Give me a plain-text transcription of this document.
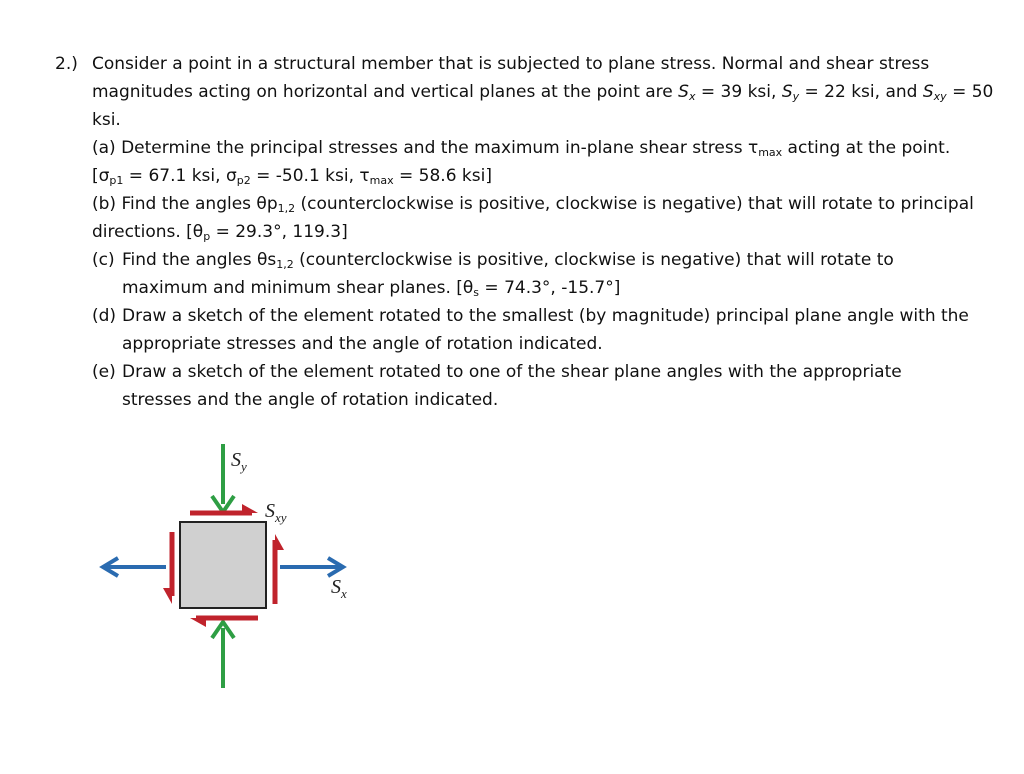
2.) Consider a point in a structural member that is subjected to plane stress. Normal and shear stress
magnitudes acting on horizontal and vertical planes at the point are $S_x = 39$ ksi, $S_y = 22$ ksi, and $S_{xy} = 50$
ksi.
(a) Determine the principal stresses and the maximum in-plane shear stress $\tau_{max}$ acting at the point.
[$\sigma_{p1} = 67.1$ ksi, $\sigma_{p2} = -50.1$ ksi, $\tau_{max} = 58.6$ ksi]
(b) Find the angles $\theta p_{1,2}$ (counterclockwise is positive, clockwise is negative) that will rotate to principal
directions. [$\theta_p = 29.3^\circ$, 119.3]
(c) Find the angles $\theta s_{1,2}$ (counterclockwise is positive, clockwise is negative) that will rotate to
maximum and minimum shear planes. [$\theta_s = 74.3^\circ$, -15.7°]
(d) Draw a sketch of the element rotated to the smallest (by magnitude) principal plane angle with the
appropriate stresses and the angle of rotation indicated.
(e) Draw a sketch of the element rotated to one of the shear plane angles with the appropriate
stresses and the angle of rotation indicated.
$S_y$
$S_{xy}$
$S_x$
